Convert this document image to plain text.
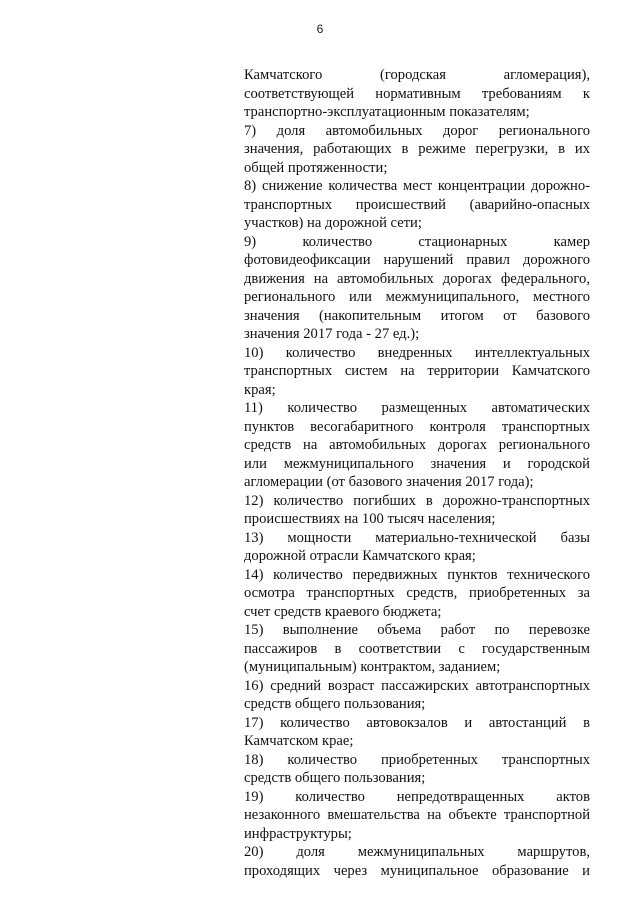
6
Камчатского (городская агломерация),
соответствующей нормативным требованиям к
транспортно-эксплуатационным показателям;
7) доля автомобильных дорог регионального
значения, работающих в режиме перегрузки, в их
общей протяженности;
8) снижение количества мест концентрации дорожно-
транспортных происшествий (аварийно-опасных
участков) на дорожной сети;
9) количество стационарных камер
фотовидеофиксации нарушений правил дорожного
движения на автомобильных дорогах федерального,
регионального или межмуниципального, местного
значения (накопительным итогом от базового
значения 2017 года - 27 ед.);
10) количество внедренных интеллектуальных
транспортных систем на территории Камчатского
края;
11) количество размещенных автоматических
пунктов весогабаритного контроля транспортных
средств на автомобильных дорогах регионального
или межмуниципального значения и городской
агломерации (от базового значения 2017 года);
12) количество погибших в дорожно-транспортных
происшествиях на 100 тысяч населения;
13) мощности материально-технической базы
дорожной отрасли Камчатского края;
14) количество передвижных пунктов технического
осмотра транспортных средств, приобретенных за
счет средств краевого бюджета;
15) выполнение объема работ по перевозке
пассажиров в соответствии с государственным
(муниципальным) контрактом, заданием;
16) средний возраст пассажирских автотранспортных
средств общего пользования;
17) количество автовокзалов и автостанций в
Камчатском крае;
18) количество приобретенных транспортных
средств общего пользования;
19) количество непредотвращенных актов
незаконного вмешательства на объекте транспортной
инфраструктуры;
20) доля межмуниципальных маршрутов,
проходящих через муниципальное образование и
